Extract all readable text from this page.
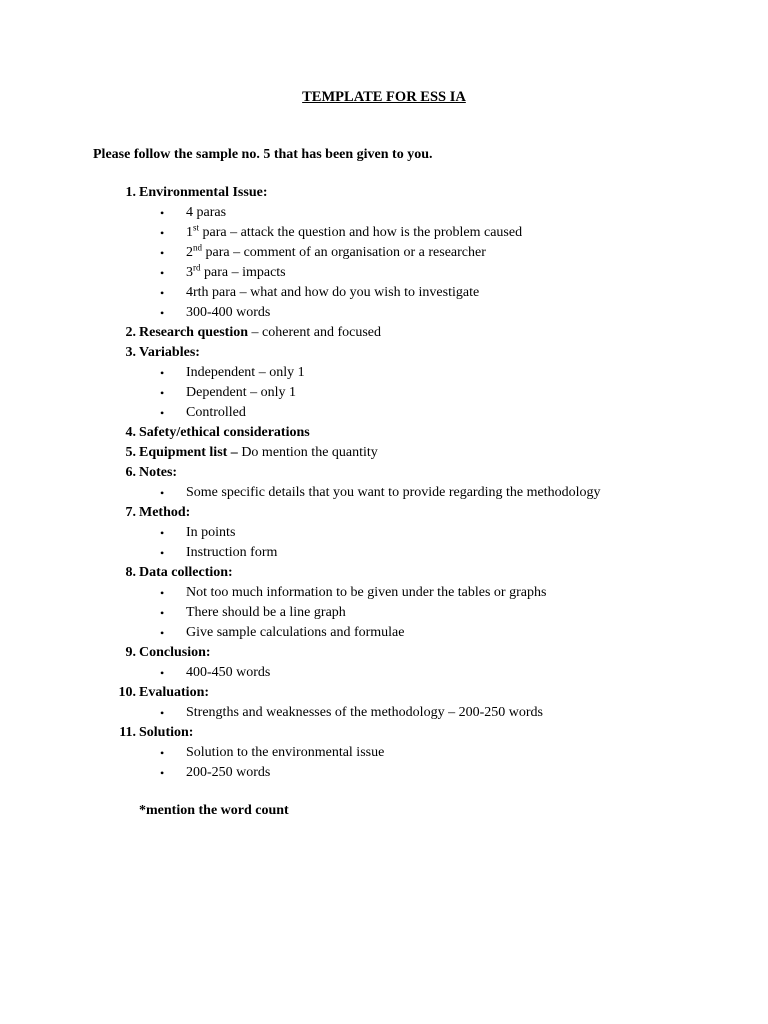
TEMPLATE FOR ESS IA
Please follow the sample no. 5 that has been given to you.
1. Environmental Issue:
• 4 paras
• 1st para – attack the question and how is the problem caused
• 2nd para – comment of an organisation or a researcher
• 3rd para – impacts
• 4rth para – what and how do you wish to investigate
• 300-400 words
2. Research question – coherent and focused
3. Variables:
• Independent – only 1
• Dependent – only 1
• Controlled
4. Safety/ethical considerations
5. Equipment list – Do mention the quantity
6. Notes:
• Some specific details that you want to provide regarding the methodology
7. Method:
• In points
• Instruction form
8. Data collection:
• Not too much information to be given under the tables or graphs
• There should be a line graph
• Give sample calculations and formulae
9. Conclusion:
• 400-450 words
10. Evaluation:
• Strengths and weaknesses of the methodology – 200-250 words
11. Solution:
• Solution to the environmental issue
• 200-250 words
*mention the word count
